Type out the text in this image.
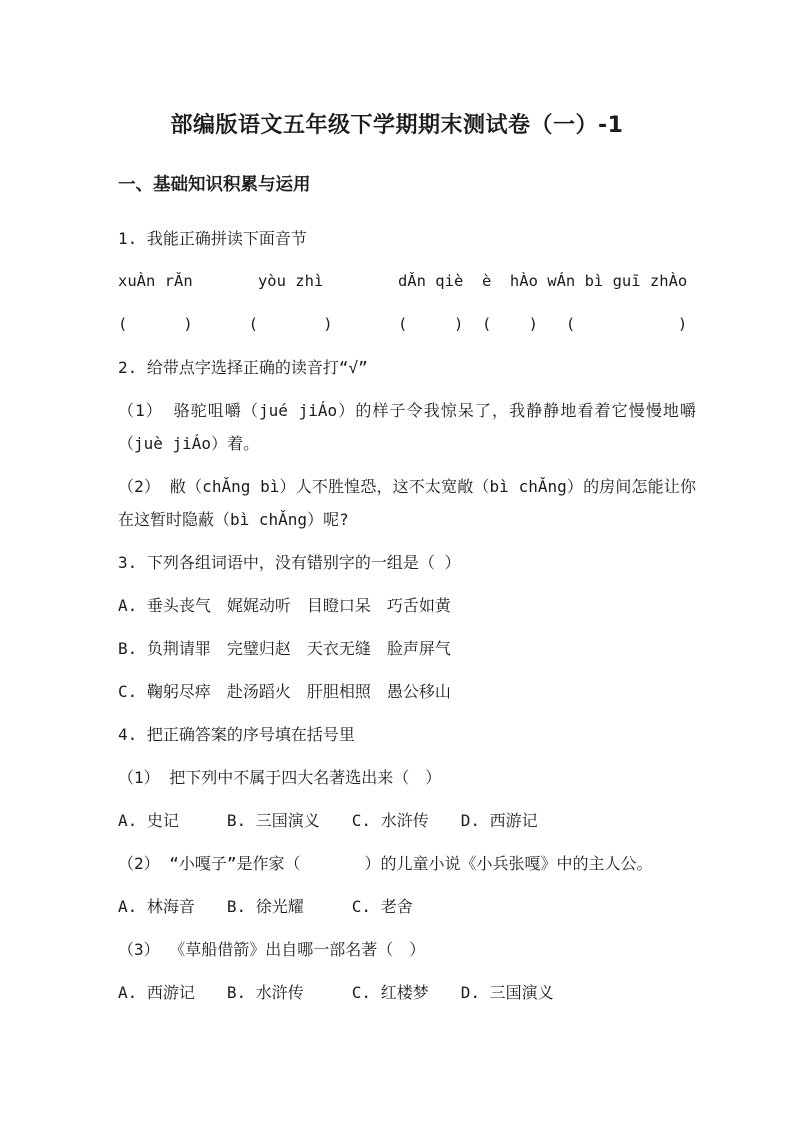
部编版语文五年级下学期期末测试卷（一）-1
一、基础知识积累与运用

1. 我能正确拼读下面音节

xuÀn rǍn       yòu zhì        dǍn qiè  è  hÀo wÁn bì guī zhÀo

(      )      (       )       (     )  (    )   (           )

2. 给带点字选择正确的读音打“√”

（1） 骆驼咀嚼（jué jiÁo）的样子令我惊呆了，我静静地看着它慢慢地嚼（juè jiÁo）着。

（2） 敝（chǍng bì）人不胜惶恐，这不太宽敞（bì chǍng）的房间怎能让你在这暂时隐蔽（bì chǍng）呢?

3. 下列各组词语中，没有错别字的一组是（ ）

A. 垂头丧气　娓娓动听　目瞪口呆　巧舌如黄

B. 负荆请罪　完璧归赵　天衣无缝　脸声屏气

C. 鞠躬尽瘁　赴汤蹈火　肝胆相照　愚公移山

4. 把正确答案的序号填在括号里

（1） 把下列中不属于四大名著选出来（　）

A. 史记　　　B. 三国演义　　C. 水浒传　　D. 西游记

（2） “小嘎子”是作家（　　　　）的儿童小说《小兵张嘎》中的主人公。

A. 林海音　　B. 徐光耀　　　C. 老舍

（3） 《草船借箭》出自哪一部名著（　）

A. 西游记　　B. 水浒传　　　C. 红楼梦　　D. 三国演义
